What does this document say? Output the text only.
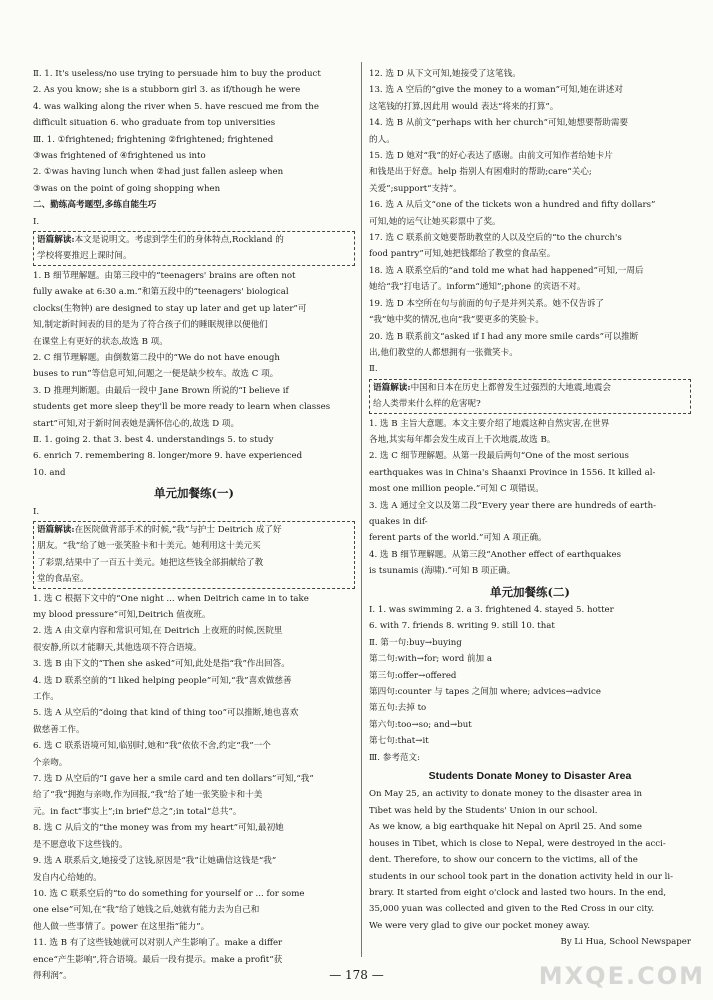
Ⅱ. 1. It's useless/no use trying to persuade him to buy the product
2. As you know; she is a stubborn girl 3. as if/though he were
4. was walking along the river when 5. have rescued me from the
difficult situation 6. who graduate from top universities
Ⅲ. 1. ①frightened; frightening ②frightened; frightened
③was frightened of ④frightened us into
2. ①was having lunch when ②had just fallen asleep when
③was on the point of going shopping when
二、勤练高考题型,多练自能生巧
Ⅰ.
语篇解读:本文是说明文。考虑到学生们的身体特点,Rockland 的
学校将要推迟上课时间。
1. B 细节理解题。由第三段中的“teenagers' brains are often not
fully awake at 6:30 a.m.”和第五段中的“teenagers' biological
clocks(生物钟) are designed to stay up later and get up later”可
知,制定新时间表的目的是为了符合孩子们的睡眠规律以便他们
在课堂上有更好的状态,故选 B 项。
2. C 细节理解题。由倒数第二段中的“We do not have enough
buses to run”等信息可知,问题之一便是缺少校车。故选 C 项。
3. D 推理判断题。由最后一段中 Jane Brown 所说的“I believe if
students get more sleep they'll be more ready to learn when classes
start”可知,对于新时间表她是满怀信心的,故选 D 项。
Ⅱ. 1. going 2. that 3. best 4. understandings 5. to study
6. enrich 7. remembering 8. longer/more 9. have experienced
10. and
单元加餐练(一)
Ⅰ.
语篇解读:在医院做背部手术的时候,“我”与护士 Deitrich 成了好
朋友。“我”给了她一张笑脸卡和十美元。她利用这十美元买
了彩票,结果中了一百五十美元。她把这些钱全部捐献给了教
堂的食品室。
1. 选 C 根据下文中的“One night ... when Deitrich came in to take
my blood pressure”可知,Deitrich 值夜班。
2. 选 A 由文章内容和常识可知,在 Deitrich 上夜班的时候,医院里
很安静,所以才能聊天,其他选项不符合语境。
3. 选 B 由下文的“Then she asked”可知,此处是指“我”作出回答。
4. 选 D 联系空前的“I liked helping people”可知,“我”喜欢做慈善
工作。
5. 选 A 从空后的“doing that kind of thing too”可以推断,她也喜欢
做慈善工作。
6. 选 C 联系语境可知,临别时,她和“我”依依不舍,约定“我”一个
个亲吻。
7. 选 D 从空后的“I gave her a smile card and ten dollars”可知,“我”
给了“我”拥抱与亲吻,作为回报,“我”给了她一张笑脸卡和十美
元。in fact“事实上”;in brief“总之”;in total“总共”。
8. 选 C 从后文的“the money was from my heart”可知,最初她
是不愿意收下这些钱的。
9. 选 A 联系后文,她接受了这钱,原因是“我”让她确信这钱是“我”
发自内心给她的。
10. 选 C 联系空后的“to do something for yourself or ... for some
one else”可知,在“我”给了她钱之后,她就有能力去为自己和
他人做一些事情了。power 在这里指“能力”。
11. 选 B 有了这些钱她就可以对别人产生影响了。make a differ
ence“产生影响”,符合语境。最后一段有提示。make a profit“获
得利润”。
12. 选 D 从下文可知,她接受了这笔钱。
13. 选 A 空后的“give the money to a woman”可知,她在讲述对
这笔钱的打算,因此用 would 表达“将来的打算”。
14. 选 B 从前文“perhaps with her church”可知,她想要帮助需要
的人。
15. 选 D 她对“我”的好心表达了感谢。由前文可知作者给她卡片
和钱是出于好意。help 指别人有困难时的帮助;care“关心;
关爱”;support“支持”。
16. 选 A 从后文“one of the tickets won a hundred and fifty dollars”
可知,她的运气让她买彩票中了奖。
17. 选 C 联系前文她要帮助教堂的人以及空后的“to the church's
food pantry”可知,她把钱都给了教堂的食品室。
18. 选 A 联系空后的“and told me what had happened”可知,一周后
她给“我”打电话了。inform“通知”;phone 的宾语不对。
19. 选 D 本空所在句与前面的句子是并列关系。她不仅告诉了
“我”她中奖的情况,也向“我”要更多的笑脸卡。
20. 选 B 联系前文“asked if I had any more smile cards”可以推断
出,他们教堂的人都想拥有一张微笑卡。
Ⅱ.
语篇解读:中国和日本在历史上都曾发生过强烈的大地震,地震会
给人类带来什么样的危害呢?
1. 选 B 主旨大意题。本文主要介绍了地震这种自然灾害,在世界
各地,其实每年都会发生成百上千次地震,故选 B。
2. 选 C 细节理解题。从第一段最后两句“One of the most serious
earthquakes was in China's Shaanxi Province in 1556. It killed al-
most one million people.”可知 C 项错误。
3. 选 A 通过全文以及第二段“Every year there are hundreds of earth-
quakes in dif-
ferent parts of the world.”可知 A 项正确。
4. 选 B 细节理解题。从第三段“Another effect of earthquakes
is tsunamis (海啸).”可知 B 项正确。
单元加餐练(二)
Ⅰ. 1. was swimming 2. a 3. frightened 4. stayed 5. hotter
6. with 7. friends 8. writing 9. still 10. that
Ⅱ. 第一句:buy→buying
第二句:with→for; word 前加 a
第三句:offer→offered
第四句:counter 与 tapes 之间加 where; advices→advice
第五句:去掉 to
第六句:too→so; and→but
第七句:that→it
Ⅲ. 参考范文:
Students Donate Money to Disaster Area
On May 25, an activity to donate money to the disaster area in
Tibet was held by the Students' Union in our school.
As we know, a big earthquake hit Nepal on April 25. And some
houses in Tibet, which is close to Nepal, were destroyed in the acci-
dent. Therefore, to show our concern to the victims, all of the
students in our school took part in the donation activity held in our li-
brary. It started from eight o'clock and lasted two hours. In the end,
35,000 yuan was collected and given to the Red Cross in our city.
We were very glad to give our pocket money away.
By Li Hua, School Newspaper
— 178 —	MXQE.COM
